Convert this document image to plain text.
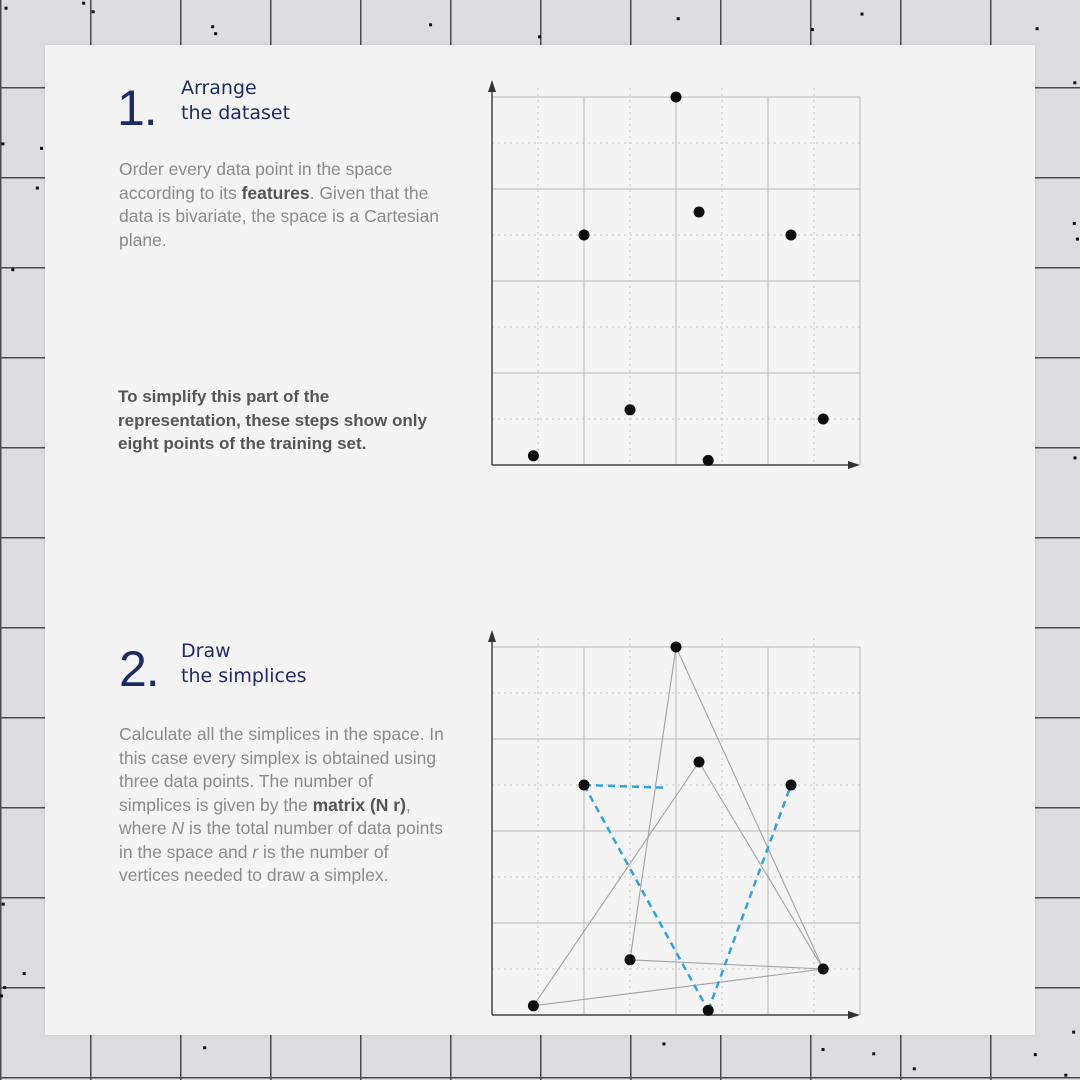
1. Arrange
the dataset
Order every data point in the space according to its features. Given that the data is bivariate, the space is a Cartesian plane.
To simplify this part of the representation, these steps show only eight points of the training set.
2. Draw
the simplices
Calculate all the simplices in the space. In this case every simplex is obtained using three data points. The number of simplices is given by the matrix (N r), where N is the total number of data points in the space and r is the number of vertices needed to draw a simplex.
